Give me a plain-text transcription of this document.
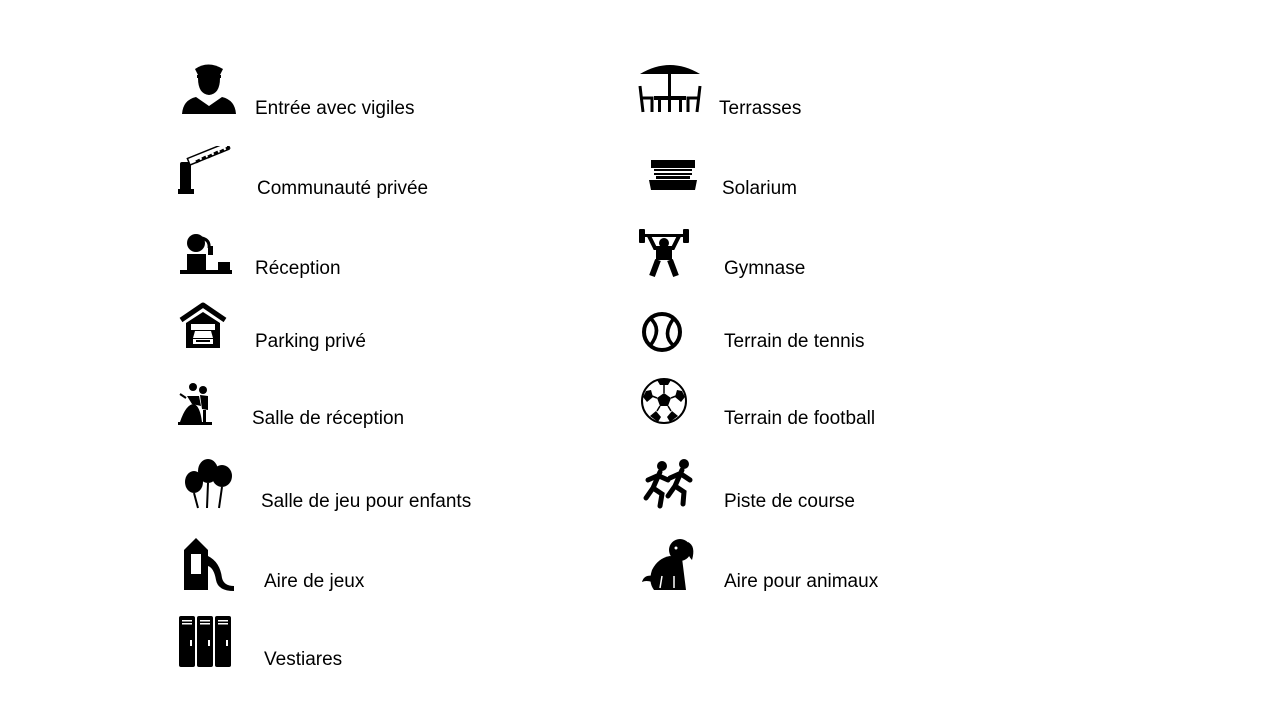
Entrée avec vigiles
Communauté privée
Réception
Parking privé
Salle de réception
Salle de jeu pour enfants
Aire de jeux
Vestiares
Terrasses
Solarium
Gymnase
Terrain de tennis
Terrain de football
Piste de course
Aire pour animaux
